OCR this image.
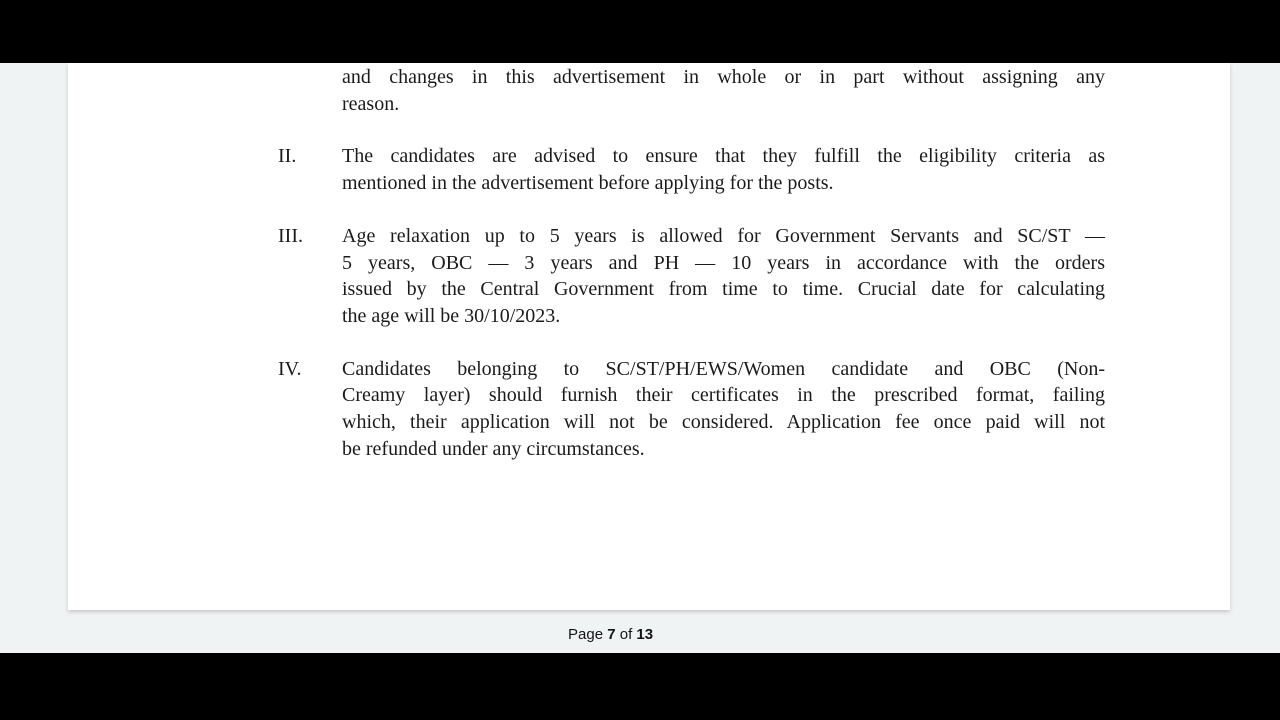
and changes in this advertisement in whole or in part without assigning any
reason.
II. The candidates are advised to ensure that they fulfill the eligibility criteria as
mentioned in the advertisement before applying for the posts.
III. Age relaxation up to 5 years is allowed for Government Servants and SC/ST —
5 years, OBC — 3 years and PH — 10 years in accordance with the orders
issued by the Central Government from time to time. Crucial date for calculating
the age will be 30/10/2023.
IV. Candidates belonging to SC/ST/PH/EWS/Women candidate and OBC (Non-
Creamy layer) should furnish their certificates in the prescribed format, failing
which, their application will not be considered. Application fee once paid will not
be refunded under any circumstances.
Page 7 of 13
